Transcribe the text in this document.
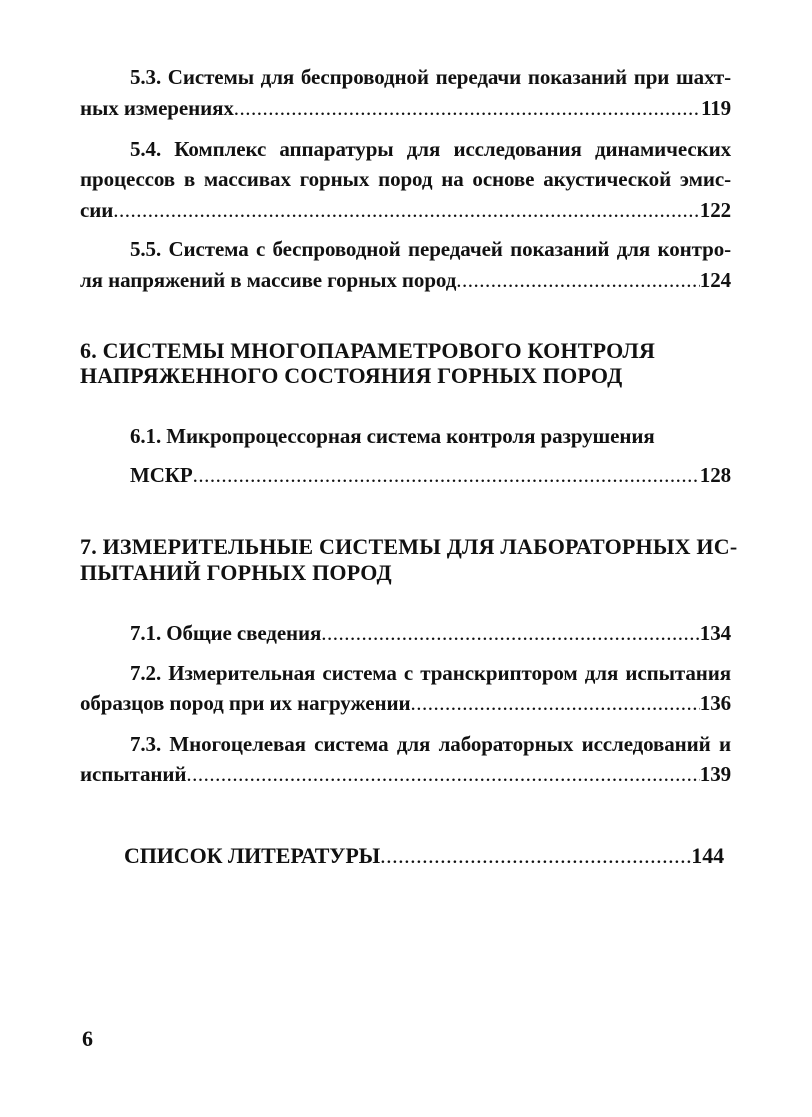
5.3. Системы для беспроводной передачи показаний при шахт-
ных измерениях .....	119
5.4. Комплекс аппаратуры для исследования динамических
процессов в массивах горных пород на основе акустической эмис-
сии .....	122
5.5. Система с беспроводной передачей показаний для контро-
ля напряжений в массиве горных пород .....	124
6. СИСТЕМЫ МНОГОПАРАМЕТРОВОГО КОНТРОЛЯ
НАПРЯЖЕННОГО СОСТОЯНИЯ ГОРНЫХ ПОРОД
6.1. Микропроцессорная система контроля разрушения
МСКР .....	128
7. ИЗМЕРИТЕЛЬНЫЕ СИСТЕМЫ ДЛЯ ЛАБОРАТОРНЫХ ИС-
ПЫТАНИЙ ГОРНЫХ ПОРОД
7.1. Общие сведения .....	134
7.2. Измерительная система с транскриптором для испытания
образцов пород при их нагружении .....	136
7.3. Многоцелевая система для лабораторных исследований и
испытаний .....	139
СПИСОК ЛИТЕРАТУРЫ .....	144
6
